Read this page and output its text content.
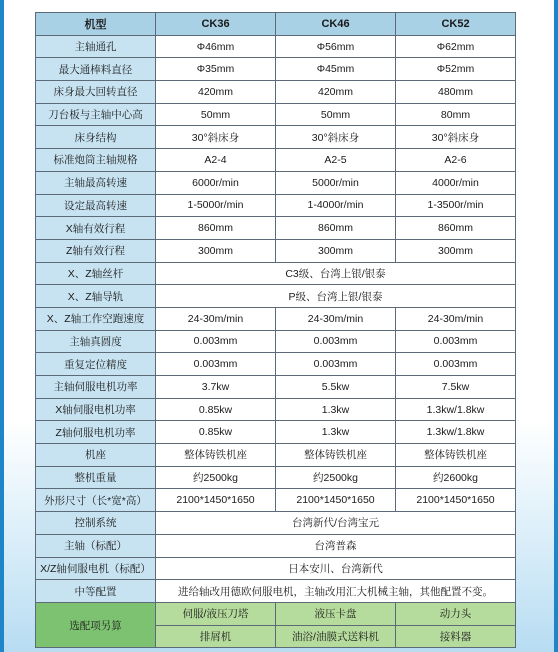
机型	CK36	CK46	CK52
主轴通孔	Φ46mm	Φ56mm	Φ62mm
最大通棒料直径	Φ35mm	Φ45mm	Φ52mm
床身最大回转直径	420mm	420mm	480mm
刀台板与主轴中心高	50mm	50mm	80mm
床身结构	30°斜床身	30°斜床身	30°斜床身
标准炮筒主轴规格	A2-4	A2-5	A2-6
主轴最高转速	6000r/min	5000r/min	4000r/min
设定最高转速	1-5000r/min	1-4000r/min	1-3500r/min
X轴有效行程	860mm	860mm	860mm
Z轴有效行程	300mm	300mm	300mm
X、Z轴丝杆	C3级、台湾上银/银泰		
X、Z轴导轨	P级、台湾上银/银泰		
X、Z轴工作空跑速度	24-30m/min	24-30m/min	24-30m/min
主轴真圆度	0.003mm	0.003mm	0.003mm
重复定位精度	0.003mm	0.003mm	0.003mm
主轴伺服电机功率	3.7kw	5.5kw	7.5kw
X轴伺服电机功率	0.85kw	1.3kw	1.3kw/1.8kw
Z轴伺服电机功率	0.85kw	1.3kw	1.3kw/1.8kw
机座	整体铸铁机座	整体铸铁机座	整体铸铁机座
整机重量	约2500kg	约2500kg	约2600kg
外形尺寸（长*宽*高）	2100*1450*1650	2100*1450*1650	2100*1450*1650
控制系统	台湾新代/台湾宝元		
主轴（标配）	台湾普森		
X/Z轴伺服电机（标配）	日本安川、台湾新代		
中等配置	进给轴改用德欧伺服电机，主轴改用汇大机械主轴，其他配置不变。		
选配项另算	伺服/液压刀塔	液压卡盘	动力头
	排屑机	油浴/油膜式送料机	接料器
